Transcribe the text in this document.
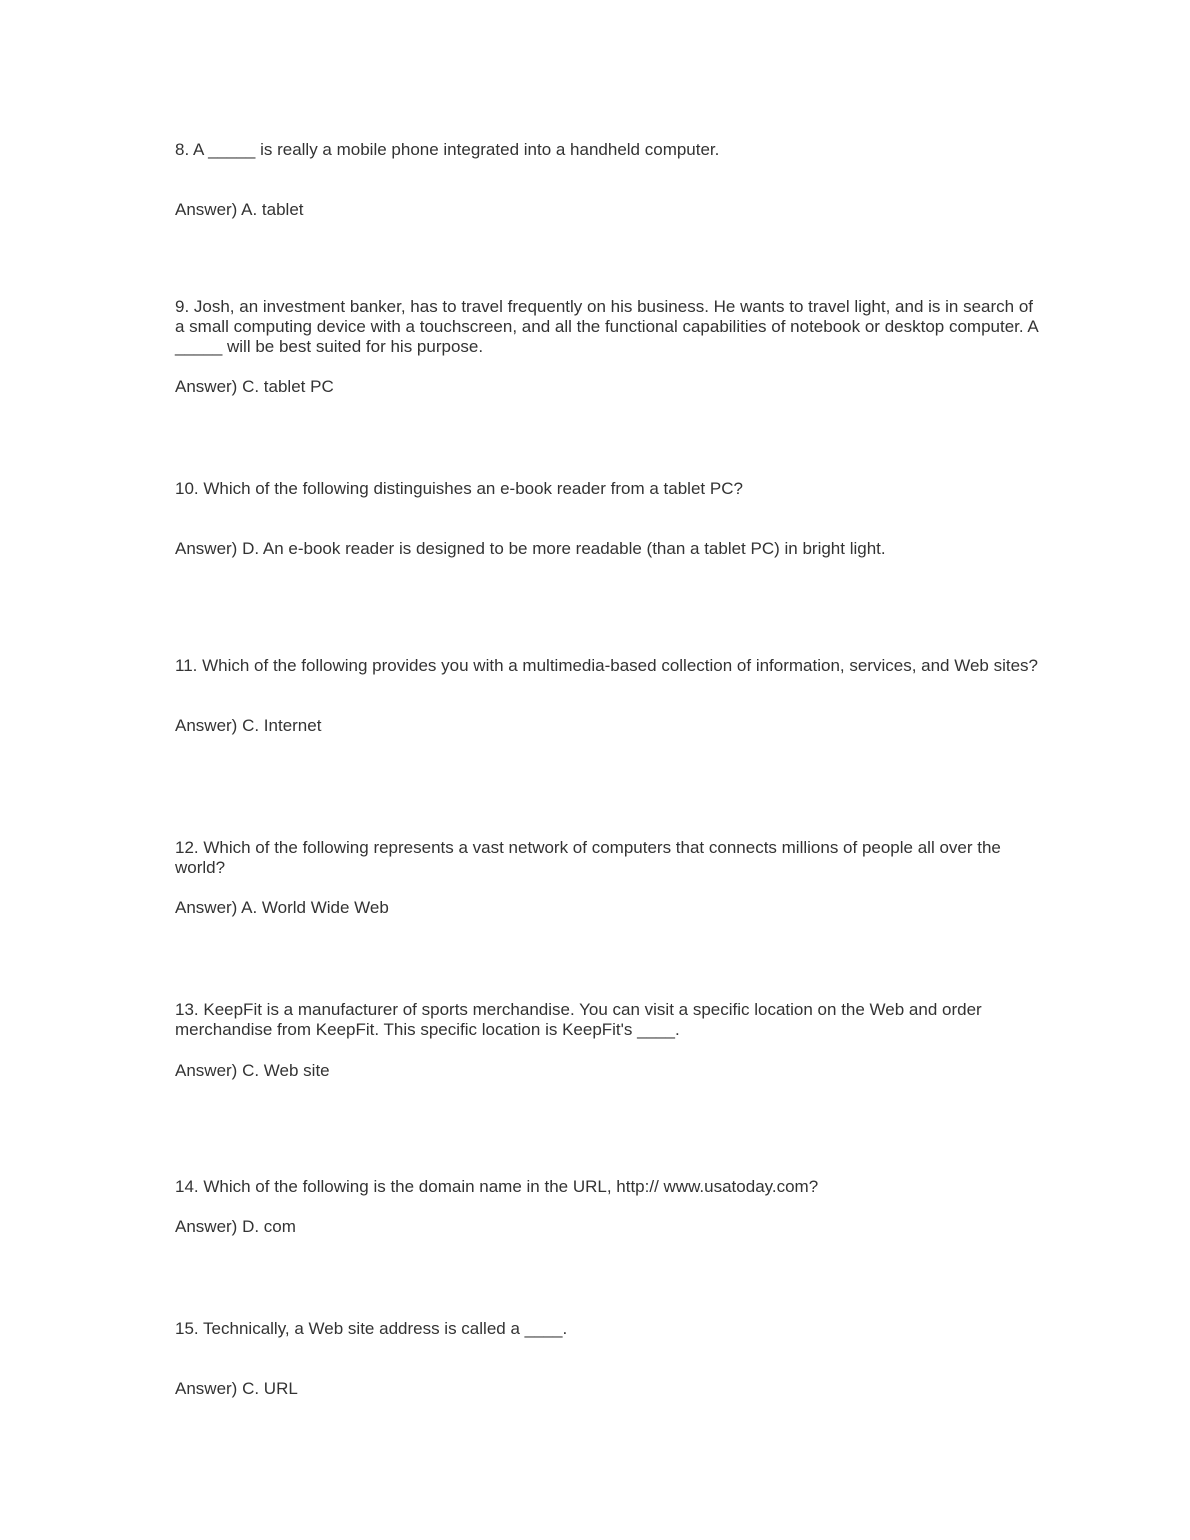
8. A _____ is really a mobile phone integrated into a handheld computer.

Answer) A. tablet

9. Josh, an investment banker, has to travel frequently on his business. He wants to travel light, and is in search of a small computing device with a touchscreen, and all the functional capabilities of notebook or desktop computer. A _____ will be best suited for his purpose.

Answer) C. tablet PC

10. Which of the following distinguishes an e-book reader from a tablet PC?

Answer) D. An e-book reader is designed to be more readable (than a tablet PC) in bright light.

11. Which of the following provides you with a multimedia-based collection of information, services, and Web sites?

Answer) C. Internet

12. Which of the following represents a vast network of computers that connects millions of people all over the world?

Answer) A. World Wide Web

13. KeepFit is a manufacturer of sports merchandise. You can visit a specific location on the Web and order merchandise from KeepFit. This specific location is KeepFit's ____.

Answer) C. Web site

14. Which of the following is the domain name in the URL, http:// www.usatoday.com?

Answer) D. com

15. Technically, a Web site address is called a ____.

Answer) C. URL
